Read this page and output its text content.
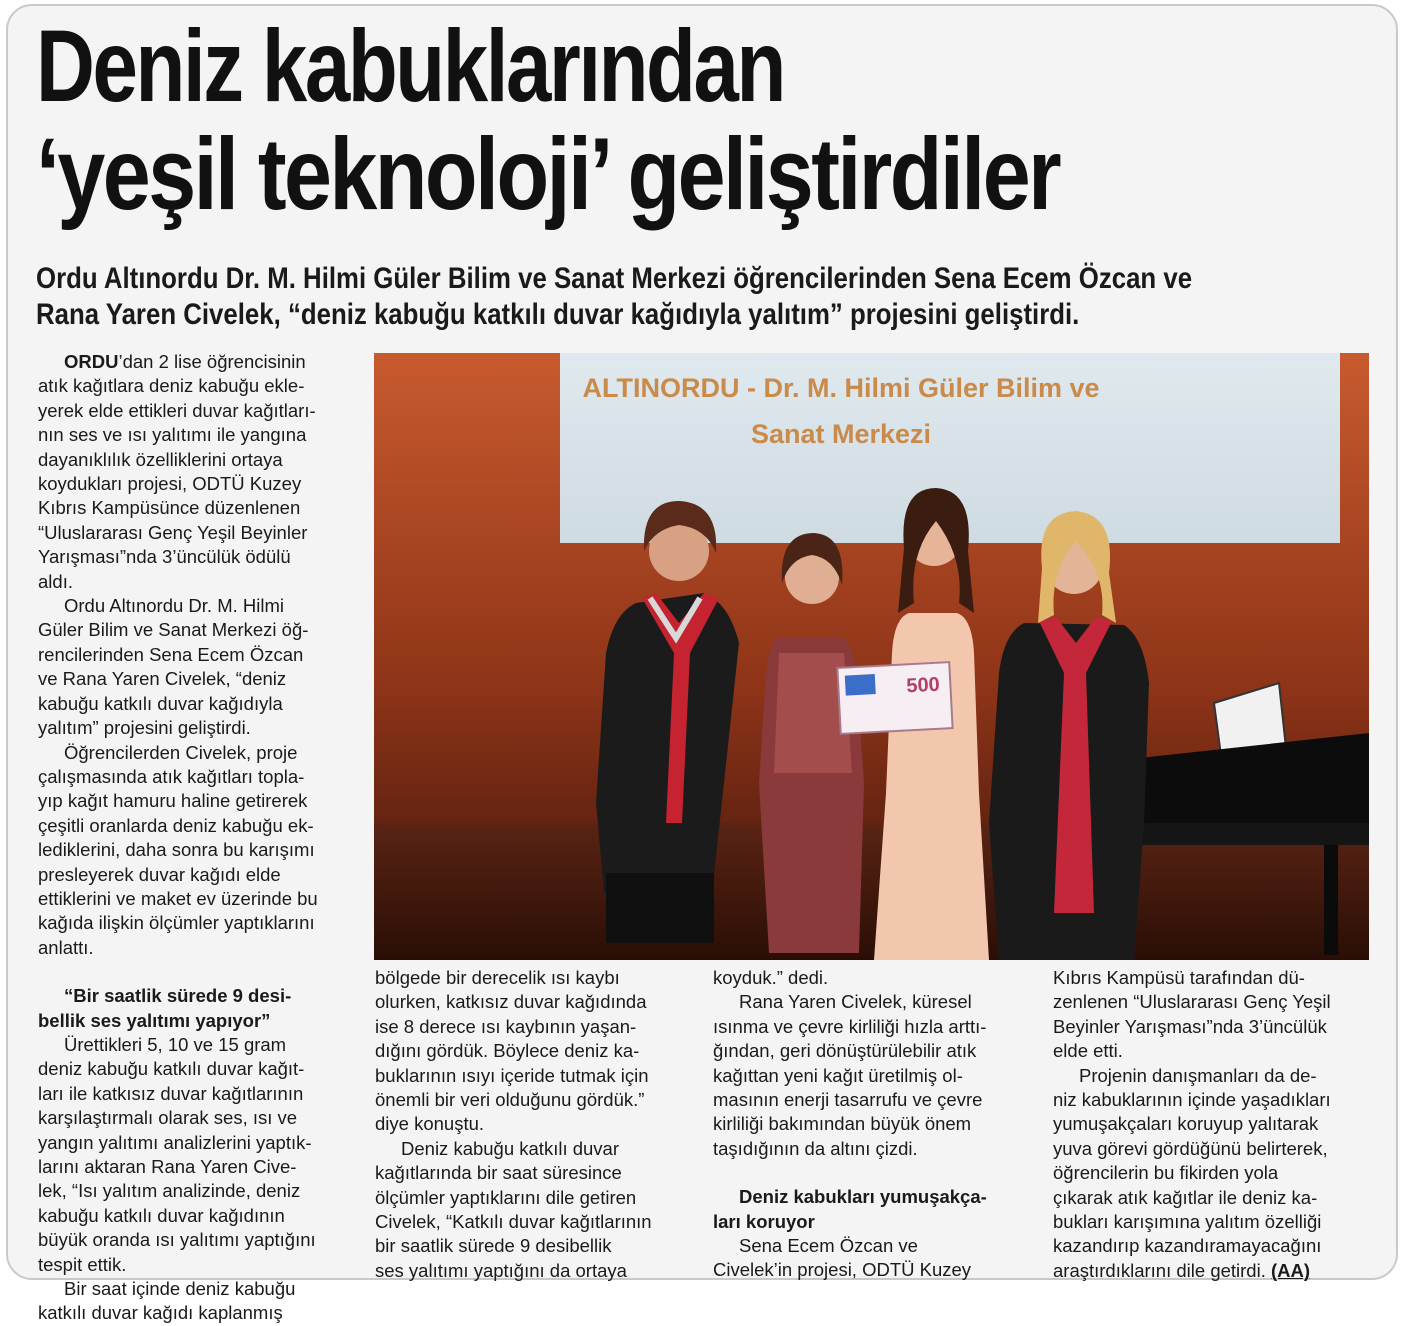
Deniz kabuklarından
‘yeşil teknoloji’ geliştirdiler
Ordu Altınordu Dr. M. Hilmi Güler Bilim ve Sanat Merkezi öğrencilerinden Sena Ecem Özcan ve
Rana Yaren Civelek, “deniz kabuğu katkılı duvar kağıdıyla yalıtım” projesini geliştirdi.
ALTINORDU - Dr. M. Hilmi Güler Bilim ve
Sanat Merkezi
500
ORDU’dan 2 lise öğrencisinin
atık kağıtlara deniz kabuğu ekle-
yerek elde ettikleri duvar kağıtları-
nın ses ve ısı yalıtımı ile yangına
dayanıklılık özelliklerini ortaya
koydukları projesi, ODTÜ Kuzey
Kıbrıs Kampüsünce düzenlenen
“Uluslararası Genç Yeşil Beyinler
Yarışması”nda 3’üncülük ödülü
aldı.
Ordu Altınordu Dr. M. Hilmi
Güler Bilim ve Sanat Merkezi öğ-
rencilerinden Sena Ecem Özcan
ve Rana Yaren Civelek, “deniz
kabuğu katkılı duvar kağıdıyla
yalıtım” projesini geliştirdi.
Öğrencilerden Civelek, proje
çalışmasında atık kağıtları topla-
yıp kağıt hamuru haline getirerek
çeşitli oranlarda deniz kabuğu ek-
lediklerini, daha sonra bu karışımı
presleyerek duvar kağıdı elde
ettiklerini ve maket ev üzerinde bu
kağıda ilişkin ölçümler yaptıklarını
anlattı.
“Bir saatlik sürede 9 desi-
bellik ses yalıtımı yapıyor”
Ürettikleri 5, 10 ve 15 gram
deniz kabuğu katkılı duvar kağıt-
ları ile katkısız duvar kağıtlarının
karşılaştırmalı olarak ses, ısı ve
yangın yalıtımı analizlerini yaptık-
larını aktaran Rana Yaren Cive-
lek, “Isı yalıtım analizinde, deniz
kabuğu katkılı duvar kağıdının
büyük oranda ısı yalıtımı yaptığını
tespit ettik.
Bir saat içinde deniz kabuğu
katkılı duvar kağıdı kaplanmış
bölgede bir derecelik ısı kaybı
olurken, katkısız duvar kağıdında
ise 8 derece ısı kaybının yaşan-
dığını gördük. Böylece deniz ka-
buklarının ısıyı içeride tutmak için
önemli bir veri olduğunu gördük.”
diye konuştu.
Deniz kabuğu katkılı duvar
kağıtlarında bir saat süresince
ölçümler yaptıklarını dile getiren
Civelek, “Katkılı duvar kağıtlarının
bir saatlik sürede 9 desibellik
ses yalıtımı yaptığını da ortaya
koyduk.” dedi.
Rana Yaren Civelek, küresel
ısınma ve çevre kirliliği hızla arttı-
ğından, geri dönüştürülebilir atık
kağıttan yeni kağıt üretilmiş ol-
masının enerji tasarrufu ve çevre
kirliliği bakımından büyük önem
taşıdığının da altını çizdi.
Deniz kabukları yumuşakça-
ları koruyor
Sena Ecem Özcan ve
Civelek’in projesi, ODTÜ Kuzey
Kıbrıs Kampüsü tarafından dü-
zenlenen “Uluslararası Genç Yeşil
Beyinler Yarışması”nda 3’üncülük
elde etti.
Projenin danışmanları da de-
niz kabuklarının içinde yaşadıkları
yumuşakçaları koruyup yalıtarak
yuva görevi gördüğünü belirterek,
öğrencilerin bu fikirden yola
çıkarak atık kağıtlar ile deniz ka-
bukları karışımına yalıtım özelliği
kazandırıp kazandıramayacağını
araştırdıklarını dile getirdi. (AA)
